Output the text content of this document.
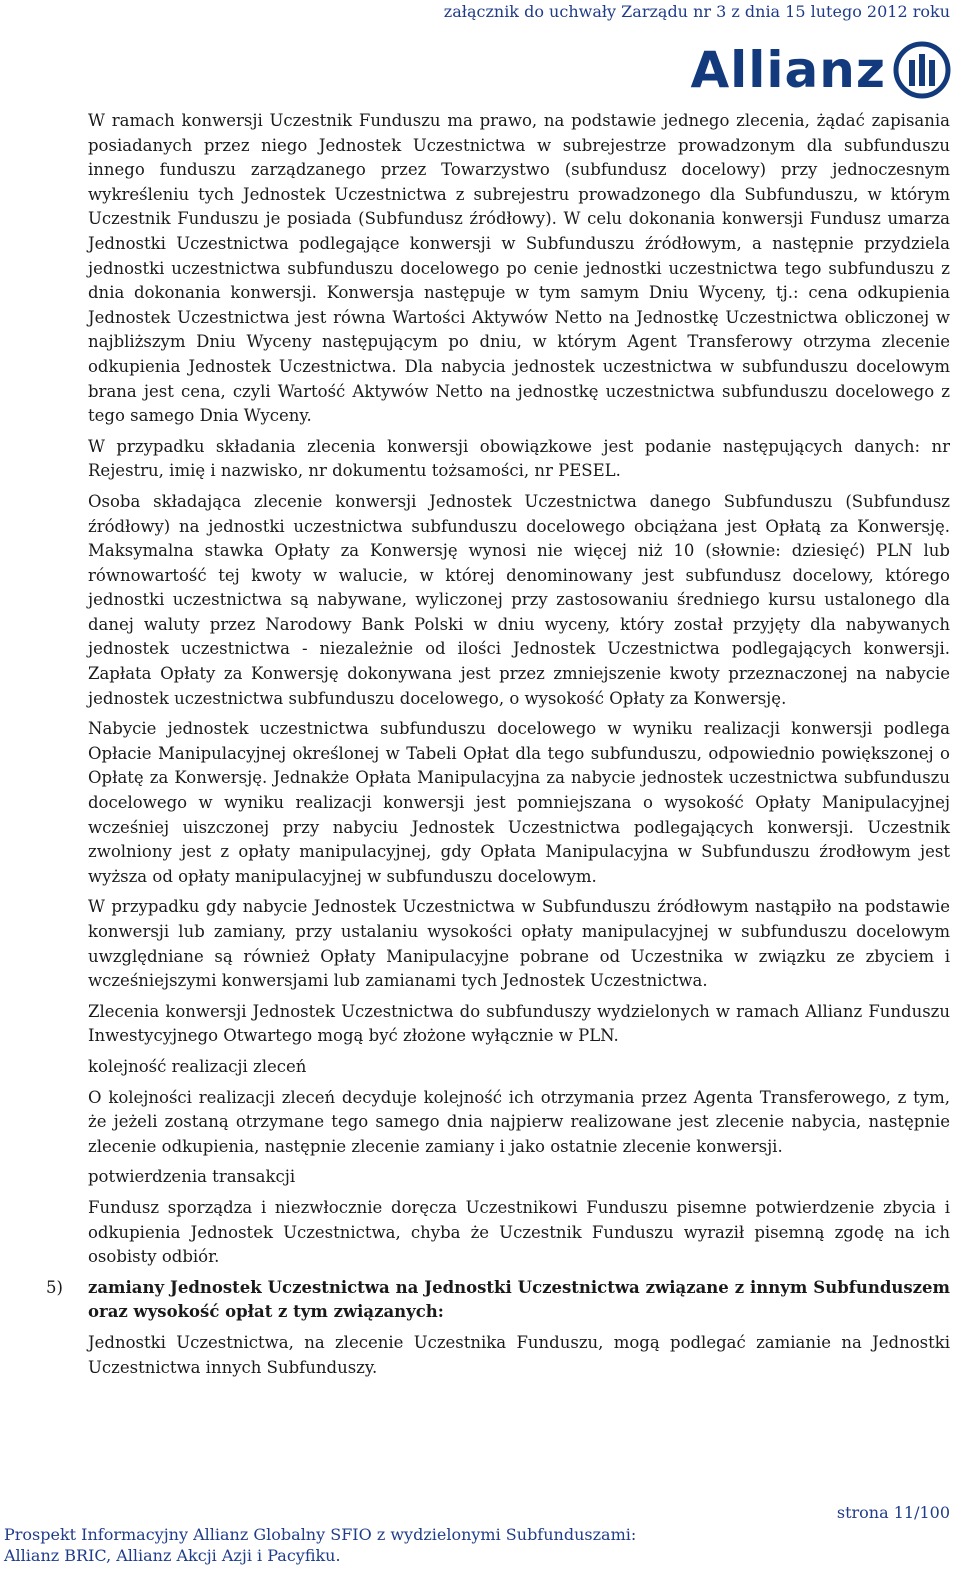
załącznik do uchwały Zarządu nr 3 z dnia 15 lutego 2012 roku
Allianz

W ramach konwersji Uczestnik Funduszu ma prawo, na podstawie jednego zlecenia, żądać zapisania posiadanych przez niego Jednostek Uczestnictwa w subrejestrze prowadzonym dla subfunduszu innego funduszu zarządzanego przez Towarzystwo (subfundusz docelowy) przy jednoczesnym wykreśleniu tych Jednostek Uczestnictwa z subrejestru prowadzonego dla Subfunduszu, w którym Uczestnik Funduszu je posiada (Subfundusz źródłowy). W celu dokonania konwersji Fundusz umarza Jednostki Uczestnictwa podlegające konwersji w Subfunduszu źródłowym, a następnie przydziela jednostki uczestnictwa subfunduszu docelowego po cenie jednostki uczestnictwa tego subfunduszu z dnia dokonania konwersji. Konwersja następuje w tym samym Dniu Wyceny, tj.: cena odkupienia Jednostek Uczestnictwa jest równa Wartości Aktywów Netto na Jednostkę Uczestnictwa obliczonej w najbliższym Dniu Wyceny następującym po dniu, w którym Agent Transferowy otrzyma zlecenie odkupienia Jednostek Uczestnictwa. Dla nabycia jednostek uczestnictwa w subfunduszu docelowym brana jest cena, czyli Wartość Aktywów Netto na jednostkę uczestnictwa subfunduszu docelowego z tego samego Dnia Wyceny.

W przypadku składania zlecenia konwersji obowiązkowe jest podanie następujących danych: nr Rejestru, imię i nazwisko, nr dokumentu tożsamości, nr PESEL.

Osoba składająca zlecenie konwersji Jednostek Uczestnictwa danego Subfunduszu (Subfundusz źródłowy) na jednostki uczestnictwa subfunduszu docelowego obciążana jest Opłatą za Konwersję. Maksymalna stawka Opłaty za Konwersję wynosi nie więcej niż 10 (słownie: dziesięć) PLN lub równowartość tej kwoty w walucie, w której denominowany jest subfundusz docelowy, którego jednostki uczestnictwa są nabywane, wyliczonej przy zastosowaniu średniego kursu ustalonego dla danej waluty przez Narodowy Bank Polski w dniu wyceny, który został przyjęty dla nabywanych jednostek uczestnictwa - niezależnie od ilości Jednostek Uczestnictwa podlegających konwersji. Zapłata Opłaty za Konwersję dokonywana jest przez zmniejszenie kwoty przeznaczonej na nabycie jednostek uczestnictwa subfunduszu docelowego, o wysokość Opłaty za Konwersję.

Nabycie jednostek uczestnictwa subfunduszu docelowego w wyniku realizacji konwersji podlega Opłacie Manipulacyjnej określonej w Tabeli Opłat dla tego subfunduszu, odpowiednio powiększonej o Opłatę za Konwersję. Jednakże Opłata Manipulacyjna za nabycie jednostek uczestnictwa subfunduszu docelowego w wyniku realizacji konwersji jest pomniejszana o wysokość Opłaty Manipulacyjnej wcześniej uiszczonej przy nabyciu Jednostek Uczestnictwa podlegających konwersji. Uczestnik zwolniony jest z opłaty manipulacyjnej, gdy Opłata Manipulacyjna w Subfunduszu źrodłowym jest wyższa od opłaty manipulacyjnej w subfunduszu docelowym.

W przypadku gdy nabycie Jednostek Uczestnictwa w Subfunduszu źródłowym nastąpiło na podstawie konwersji lub zamiany, przy ustalaniu wysokości opłaty manipulacyjnej w subfunduszu docelowym uwzględniane są również Opłaty Manipulacyjne pobrane od Uczestnika w związku ze zbyciem i wcześniejszymi konwersjami lub zamianami tych Jednostek Uczestnictwa.

Zlecenia konwersji Jednostek Uczestnictwa do subfunduszy wydzielonych w ramach Allianz Funduszu Inwestycyjnego Otwartego mogą być złożone wyłącznie w PLN.

kolejność realizacji zleceń

O kolejności realizacji zleceń decyduje kolejność ich otrzymania przez Agenta Transferowego, z tym, że jeżeli zostaną otrzymane tego samego dnia najpierw realizowane jest zlecenie nabycia, następnie zlecenie odkupienia, następnie zlecenie zamiany i jako ostatnie zlecenie konwersji.

potwierdzenia transakcji

Fundusz sporządza i niezwłocznie doręcza Uczestnikowi Funduszu pisemne potwierdzenie zbycia i odkupienia Jednostek Uczestnictwa, chyba że Uczestnik Funduszu wyraził pisemną zgodę na ich osobisty odbiór.

5) zamiany Jednostek Uczestnictwa na Jednostki Uczestnictwa związane z innym Subfunduszem oraz wysokość opłat z tym związanych:

Jednostki Uczestnictwa, na zlecenie Uczestnika Funduszu, mogą podlegać zamianie na Jednostki Uczestnictwa innych Subfunduszy.

strona 11/100
Prospekt Informacyjny Allianz Globalny SFIO z wydzielonymi Subfunduszami:
Allianz BRIC, Allianz Akcji Azji i Pacyfiku.
